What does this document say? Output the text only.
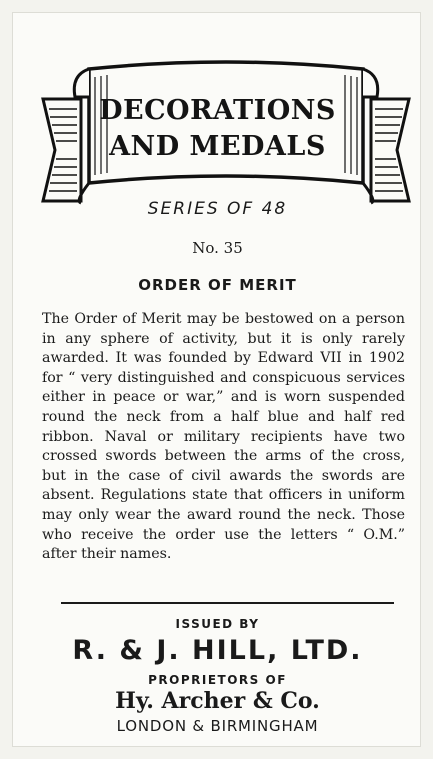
DECORATIONS
AND MEDALS
SERIES OF 48
No. 35
ORDER OF MERIT
The Order of Merit may be bestowed on a person in any sphere of activity, but it is only rarely awarded. It was founded by Edward VII in 1902 for “ very distinguished and conspicuous services either in peace or war,” and is worn suspended round the neck from a half blue and half red ribbon. Naval or military recipients have two crossed swords between the arms of the cross, but in the case of civil awards the swords are absent. Regulations state that officers in uniform may only wear the award round the neck. Those who receive the order use the letters “ O.M.” after their names.
ISSUED BY
R. & J. HILL, LTD.
PROPRIETORS OF
Hy. Archer & Co.
LONDON & BIRMINGHAM
